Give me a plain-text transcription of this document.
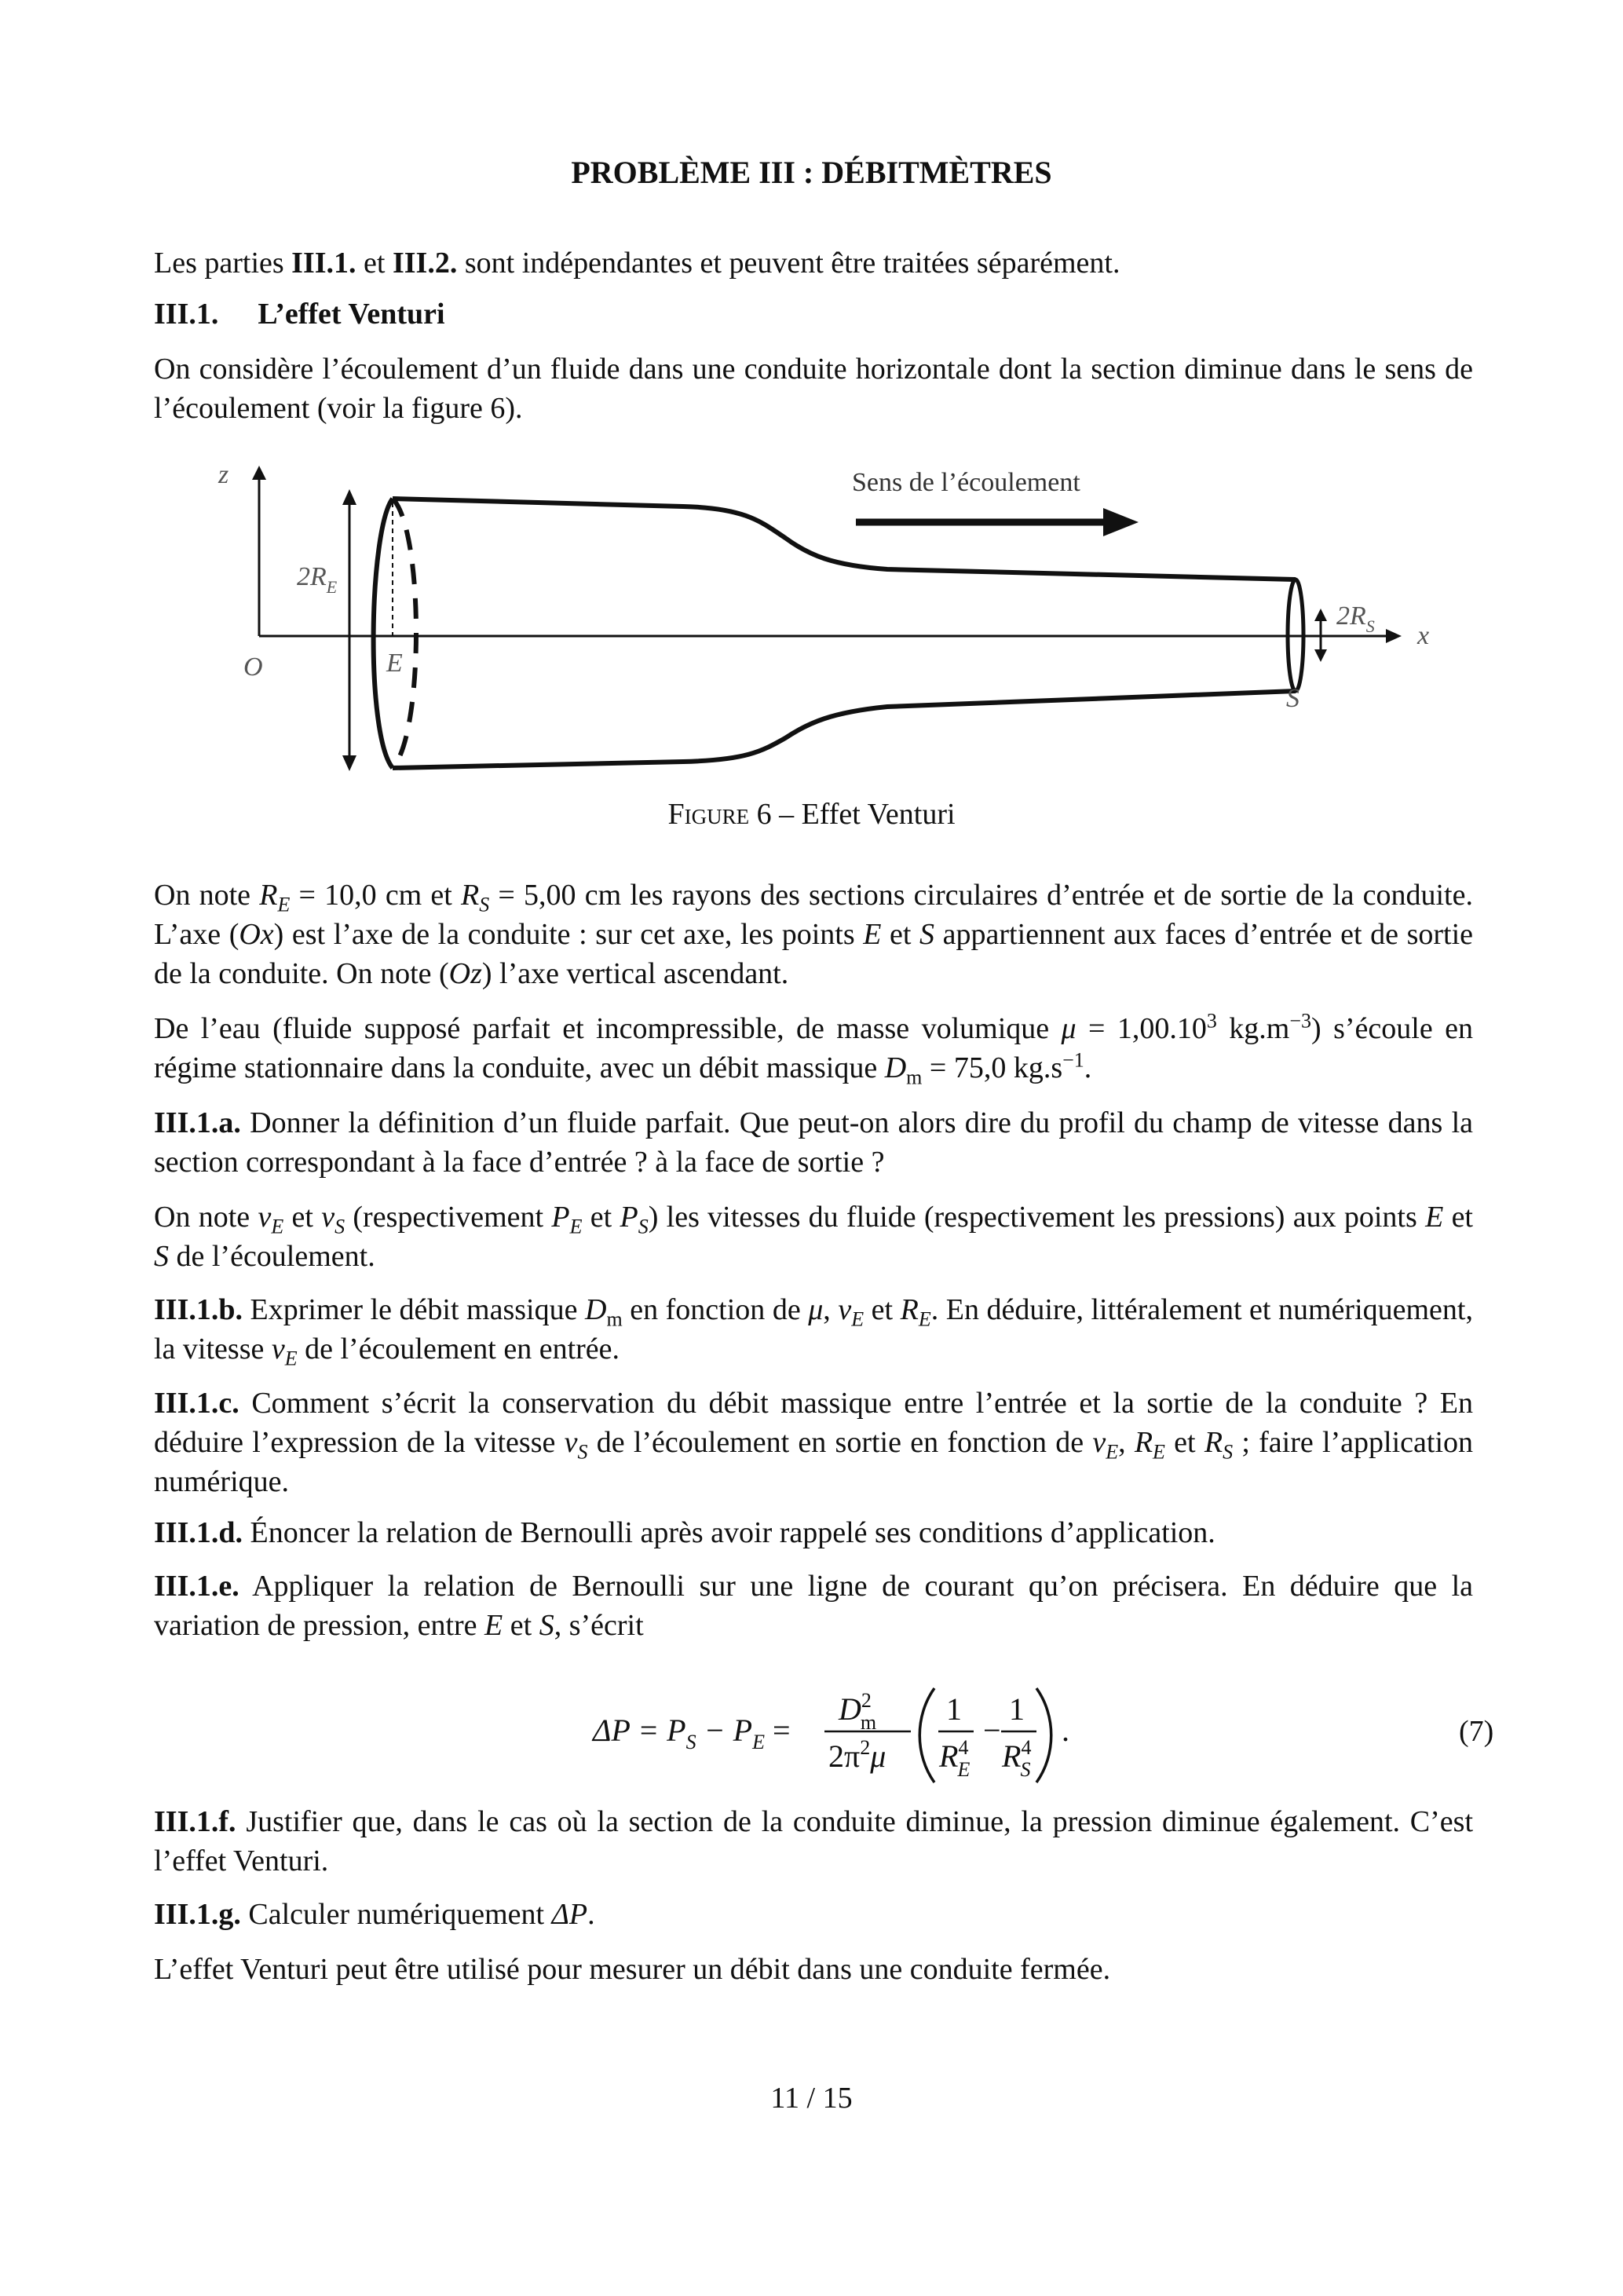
PROBLÈME III : DÉBITMÈTRES

Les parties III.1. et III.2. sont indépendantes et peuvent être traitées séparément.

III.1. L’effet Venturi

On considère l’écoulement d’un fluide dans une conduite horizontale dont la section diminue dans le sens de l’écoulement (voir la figure 6).

z
x
O
$2R_E$
E
S
$2R_S$
Sens de l’écoulement
Figure 6 – Effet Venturi

On note $R_E = 10,0$ cm et $R_S = 5,00$ cm les rayons des sections circulaires d’entrée et de sortie de la conduite. L’axe (Ox) est l’axe de la conduite : sur cet axe, les points E et S appartiennent aux faces d’entrée et de sortie de la conduite. On note (Oz) l’axe vertical ascendant.

De l’eau (fluide supposé parfait et incompressible, de masse volumique $\mu = 1,00.10^3$ $kg.m^{-3}$) s’écoule en régime stationnaire dans la conduite, avec un débit massique $D_m = 75,0$ $kg.s^{-1}$.

III.1.a. Donner la définition d’un fluide parfait. Que peut-on alors dire du profil du champ de vitesse dans la section correspondant à la face d’entrée ? à la face de sortie ?

On note $v_E$ et $v_S$ (respectivement $P_E$ et $P_S$) les vitesses du fluide (respectivement les pressions) aux points E et S de l’écoulement.

III.1.b. Exprimer le débit massique $D_m$ en fonction de μ, $v_E$ et $R_E$. En déduire, littéralement et numériquement, la vitesse $v_E$ de l’écoulement en entrée.

III.1.c. Comment s’écrit la conservation du débit massique entre l’entrée et la sortie de la conduite ? En déduire l’expression de la vitesse $v_S$ de l’écoulement en sortie en fonction de $v_E$, $R_E$ et $R_S$ ; faire l’application numérique.

III.1.d. Énoncer la relation de Bernoulli après avoir rappelé ses conditions d’application.

III.1.e. Appliquer la relation de Bernoulli sur une ligne de courant qu’on précisera. En déduire que la variation de pression, entre E et S, s’écrit

$\Delta P = P_S - P_E$ =
$D^2$ m
$2\pi^2\mu$
1
$R^4$ E
−
1
$R^4$ S
.	(7)

III.1.f. Justifier que, dans le cas où la section de la conduite diminue, la pression diminue également. C’est l’effet Venturi.

III.1.g. Calculer numériquement ΔP.

L’effet Venturi peut être utilisé pour mesurer un débit dans une conduite fermée.

11 / 15
